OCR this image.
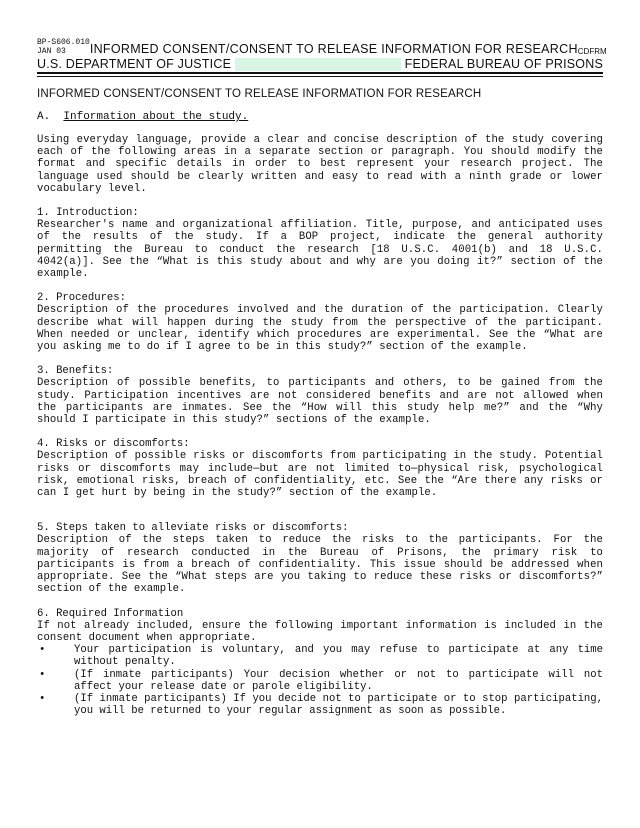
BP-S606.010
JAN 03	INFORMED CONSENT/CONSENT TO RELEASE INFORMATION FOR RESEARCH CDFRM
U.S. DEPARTMENT OF JUSTICE	FEDERAL BUREAU OF PRISONS
INFORMED CONSENT/CONSENT TO RELEASE INFORMATION FOR RESEARCH
A. Information about the study.

Using everyday language, provide a clear and concise description of the study covering each of the following areas in a separate section or paragraph. You should modify the format and specific details in order to best represent your research project. The language used should be clearly written and easy to read with a ninth grade or lower vocabulary level.

1. Introduction:

Researcher's name and organizational affiliation. Title, purpose, and anticipated uses of the results of the study. If a BOP project, indicate the general authority permitting the Bureau to conduct the research [18 U.S.C. 4001(b) and 18 U.S.C. 4042(a)]. See the “What is this study about and why are you doing it?” section of the example.

2. Procedures:

Description of the procedures involved and the duration of the participation. Clearly describe what will happen during the study from the perspective of the participant. When needed or unclear, identify which procedures are experimental. See the “What are you asking me to do if I agree to be in this study?” section of the example.

3. Benefits:

Description of possible benefits, to participants and others, to be gained from the study. Participation incentives are not considered benefits and are not allowed when the participants are inmates. See the “How will this study help me?” and the “Why should I participate in this study?” sections of the example.

4. Risks or discomforts:

Description of possible risks or discomforts from participating in the study. Potential risks or discomforts may include—but are not limited to—physical risk, psychological risk, emotional risks, breach of confidentiality, etc. See the “Are there any risks or can I get hurt by being in the study?” section of the example.

5. Steps taken to alleviate risks or discomforts:

Description of the steps taken to reduce the risks to the participants. For the majority of research conducted in the Bureau of Prisons, the primary risk to participants is from a breach of confidentiality. This issue should be addressed when appropriate. See the “What steps are you taking to reduce these risks or discomforts?” section of the example.

6. Required Information

If not already included, ensure the following important information is included in the consent document when appropriate.

• Your participation is voluntary, and you may refuse to participate at any time without penalty.
• (If inmate participants) Your decision whether or not to participate will not affect your release date or parole eligibility.
• (If inmate participants) If you decide not to participate or to stop participating, you will be returned to your regular assignment as soon as possible.
